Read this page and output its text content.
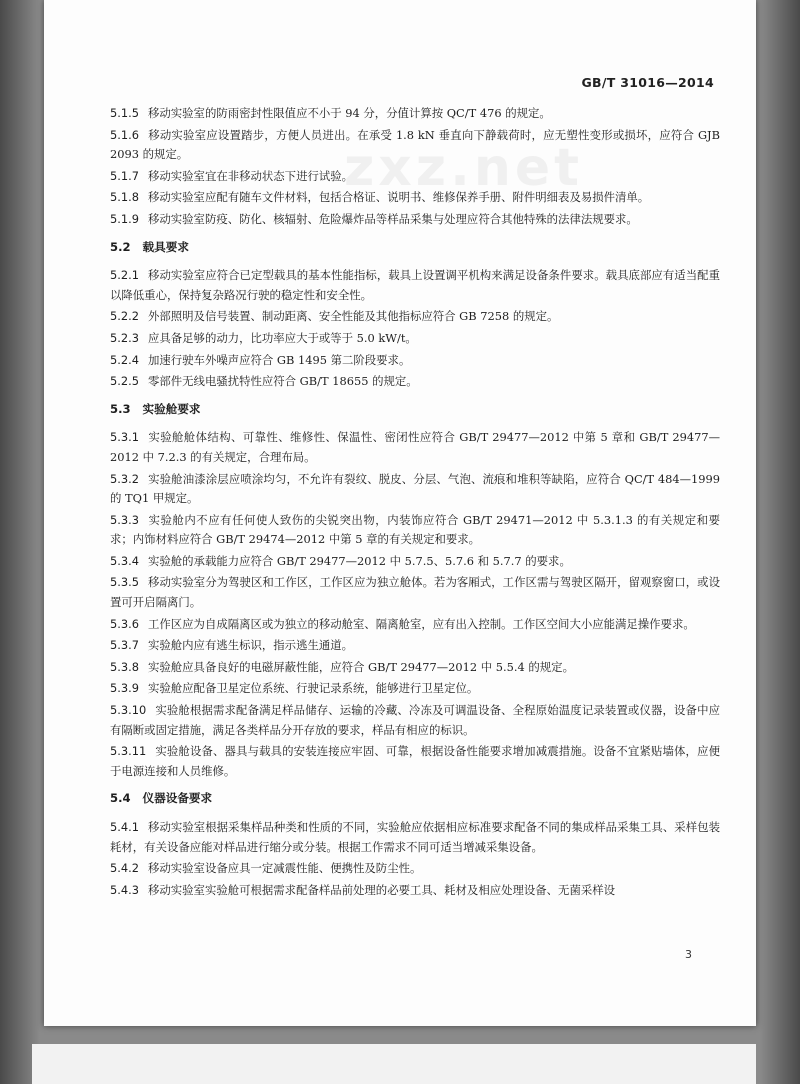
GB/T 31016—2014
zxz.net
5.1.5 移动实验室的防雨密封性限值应不小于 94 分，分值计算按 QC/T 476 的规定。
5.1.6 移动实验室应设置踏步，方便人员进出。在承受 1.8 kN 垂直向下静载荷时，应无塑性变形或损坏，应符合 GJB 2093 的规定。
5.1.7 移动实验室宜在非移动状态下进行试验。
5.1.8 移动实验室应配有随车文件材料，包括合格证、说明书、维修保养手册、附件明细表及易损件清单。
5.1.9 移动实验室防疫、防化、核辐射、危险爆炸品等样品采集与处理应符合其他特殊的法律法规要求。
5.2 载具要求
5.2.1 移动实验室应符合已定型载具的基本性能指标，载具上设置调平机构来满足设备条件要求。载具底部应有适当配重以降低重心，保持复杂路况行驶的稳定性和安全性。
5.2.2 外部照明及信号装置、制动距离、安全性能及其他指标应符合 GB 7258 的规定。
5.2.3 应具备足够的动力，比功率应大于或等于 5.0 kW/t。
5.2.4 加速行驶车外噪声应符合 GB 1495 第二阶段要求。
5.2.5 零部件无线电骚扰特性应符合 GB/T 18655 的规定。
5.3 实验舱要求
5.3.1 实验舱舱体结构、可靠性、维修性、保温性、密闭性应符合 GB/T 29477—2012 中第 5 章和 GB/T 29477—2012 中 7.2.3 的有关规定，合理布局。
5.3.2 实验舱油漆涂层应喷涂均匀，不允许有裂纹、脱皮、分层、气泡、流痕和堆积等缺陷，应符合 QC/T 484—1999 的 TQ1 甲规定。
5.3.3 实验舱内不应有任何使人致伤的尖锐突出物，内装饰应符合 GB/T 29471—2012 中 5.3.1.3 的有关规定和要求；内饰材料应符合 GB/T 29474—2012 中第 5 章的有关规定和要求。
5.3.4 实验舱的承载能力应符合 GB/T 29477—2012 中 5.7.5、5.7.6 和 5.7.7 的要求。
5.3.5 移动实验室分为驾驶区和工作区，工作区应为独立舱体。若为客厢式，工作区需与驾驶区隔开，留观察窗口，或设置可开启隔离门。
5.3.6 工作区应为自成隔离区或为独立的移动舱室、隔离舱室，应有出入控制。工作区空间大小应能满足操作要求。
5.3.7 实验舱内应有逃生标识，指示逃生通道。
5.3.8 实验舱应具备良好的电磁屏蔽性能，应符合 GB/T 29477—2012 中 5.5.4 的规定。
5.3.9 实验舱应配备卫星定位系统、行驶记录系统，能够进行卫星定位。
5.3.10 实验舱根据需求配备满足样品储存、运输的冷藏、冷冻及可调温设备、全程原始温度记录装置或仪器，设备中应有隔断或固定措施，满足各类样品分开存放的要求，样品有相应的标识。
5.3.11 实验舱设备、器具与载具的安装连接应牢固、可靠，根据设备性能要求增加减震措施。设备不宜紧贴墙体，应便于电源连接和人员维修。
5.4 仪器设备要求
5.4.1 移动实验室根据采集样品种类和性质的不同，实验舱应依据相应标准要求配备不同的集成样品采集工具、采样包装耗材，有关设备应能对样品进行缩分或分装。根据工作需求不同可适当增减采集设备。
5.4.2 移动实验室设备应具一定减震性能、便携性及防尘性。
5.4.3 移动实验室实验舱可根据需求配备样品前处理的必要工具、耗材及相应处理设备、无菌采样设
3
